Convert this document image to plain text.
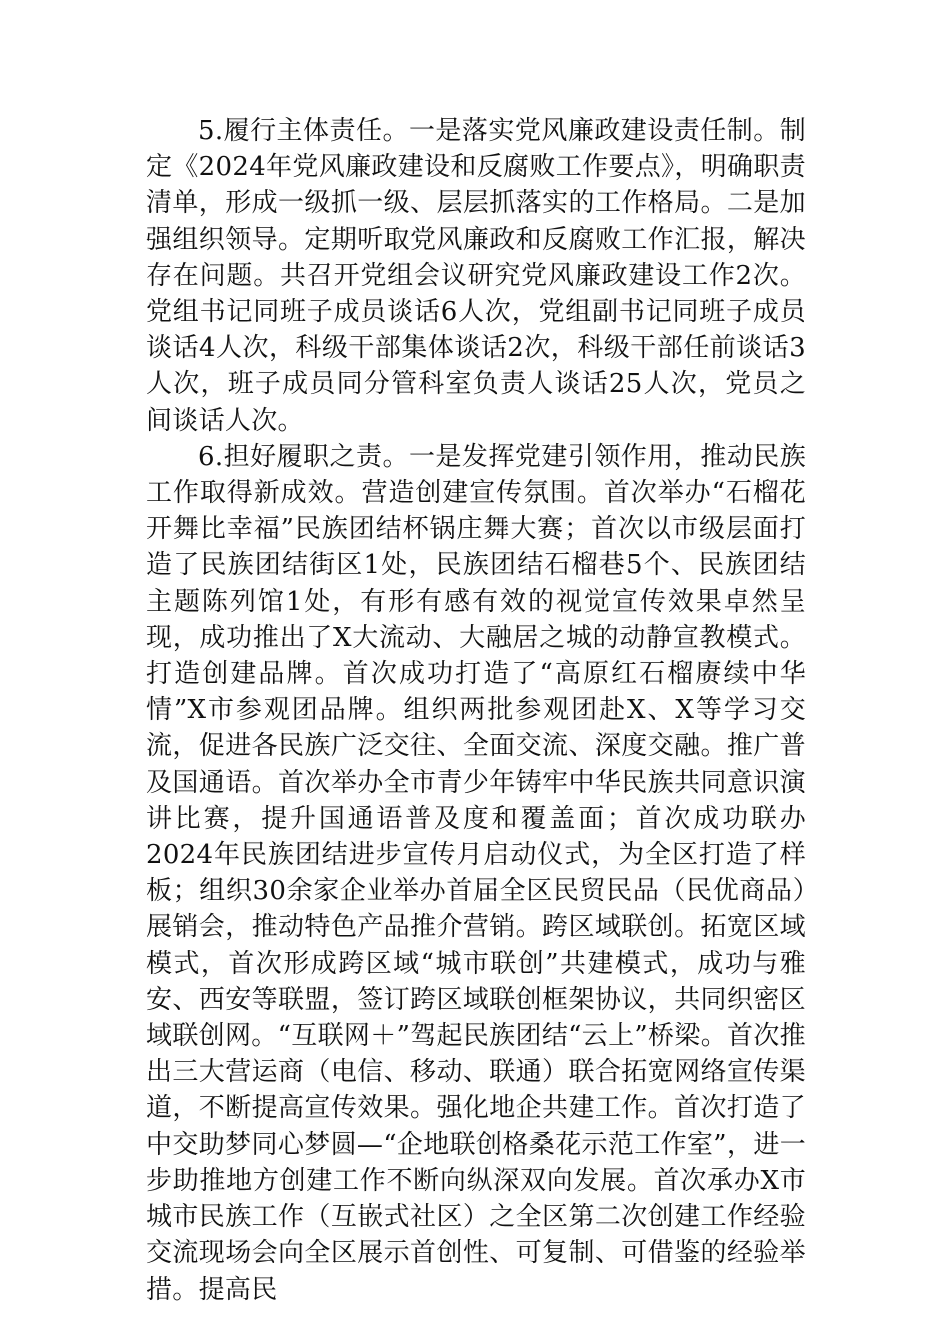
5.履行主体责任。一是落实党风廉政建设责任制。制定《2024年党风廉政建设和反腐败工作要点》，明确职责清单，形成一级抓一级、层层抓落实的工作格局。二是加强组织领导。定期听取党风廉政和反腐败工作汇报，解决存在问题。共召开党组会议研究党风廉政建设工作2次。党组书记同班子成员谈话6人次，党组副书记同班子成员谈话4人次，科级干部集体谈话2次，科级干部任前谈话3人次，班子成员同分管科室负责人谈话25人次，党员之间谈话人次。

6.担好履职之责。一是发挥党建引领作用，推动民族工作取得新成效。营造创建宣传氛围。首次举办“石榴花开舞比幸福”民族团结杯锅庄舞大赛；首次以市级层面打造了民族团结街区1处，民族团结石榴巷5个、民族团结主题陈列馆1处，有形有感有效的视觉宣传效果卓然呈现，成功推出了X大流动、大融居之城的动静宣教模式。打造创建品牌。首次成功打造了“高原红石榴赓续中华情”X市参观团品牌。组织两批参观团赴X、X等学习交流，促进各民族广泛交往、全面交流、深度交融。推广普及国通语。首次举办全市青少年铸牢中华民族共同意识演讲比赛，提升国通语普及度和覆盖面；首次成功联办2024年民族团结进步宣传月启动仪式，为全区打造了样板；组织30余家企业举办首届全区民贸民品（民优商品）展销会，推动特色产品推介营销。跨区域联创。拓宽区域模式，首次形成跨区域“城市联创”共建模式，成功与雅安、西安等联盟，签订跨区域联创框架协议，共同织密区域联创网。“互联网＋”驾起民族团结“云上”桥梁。首次推出三大营运商（电信、移动、联通）联合拓宽网络宣传渠道，不断提高宣传效果。强化地企共建工作。首次打造了中交助梦同心梦圆—“企地联创格桑花示范工作室”，进一步助推地方创建工作不断向纵深双向发展。首次承办X市城市民族工作（互嵌式社区）之全区第二次创建工作经验交流现场会向全区展示首创性、可复制、可借鉴的经验举措。提高民
